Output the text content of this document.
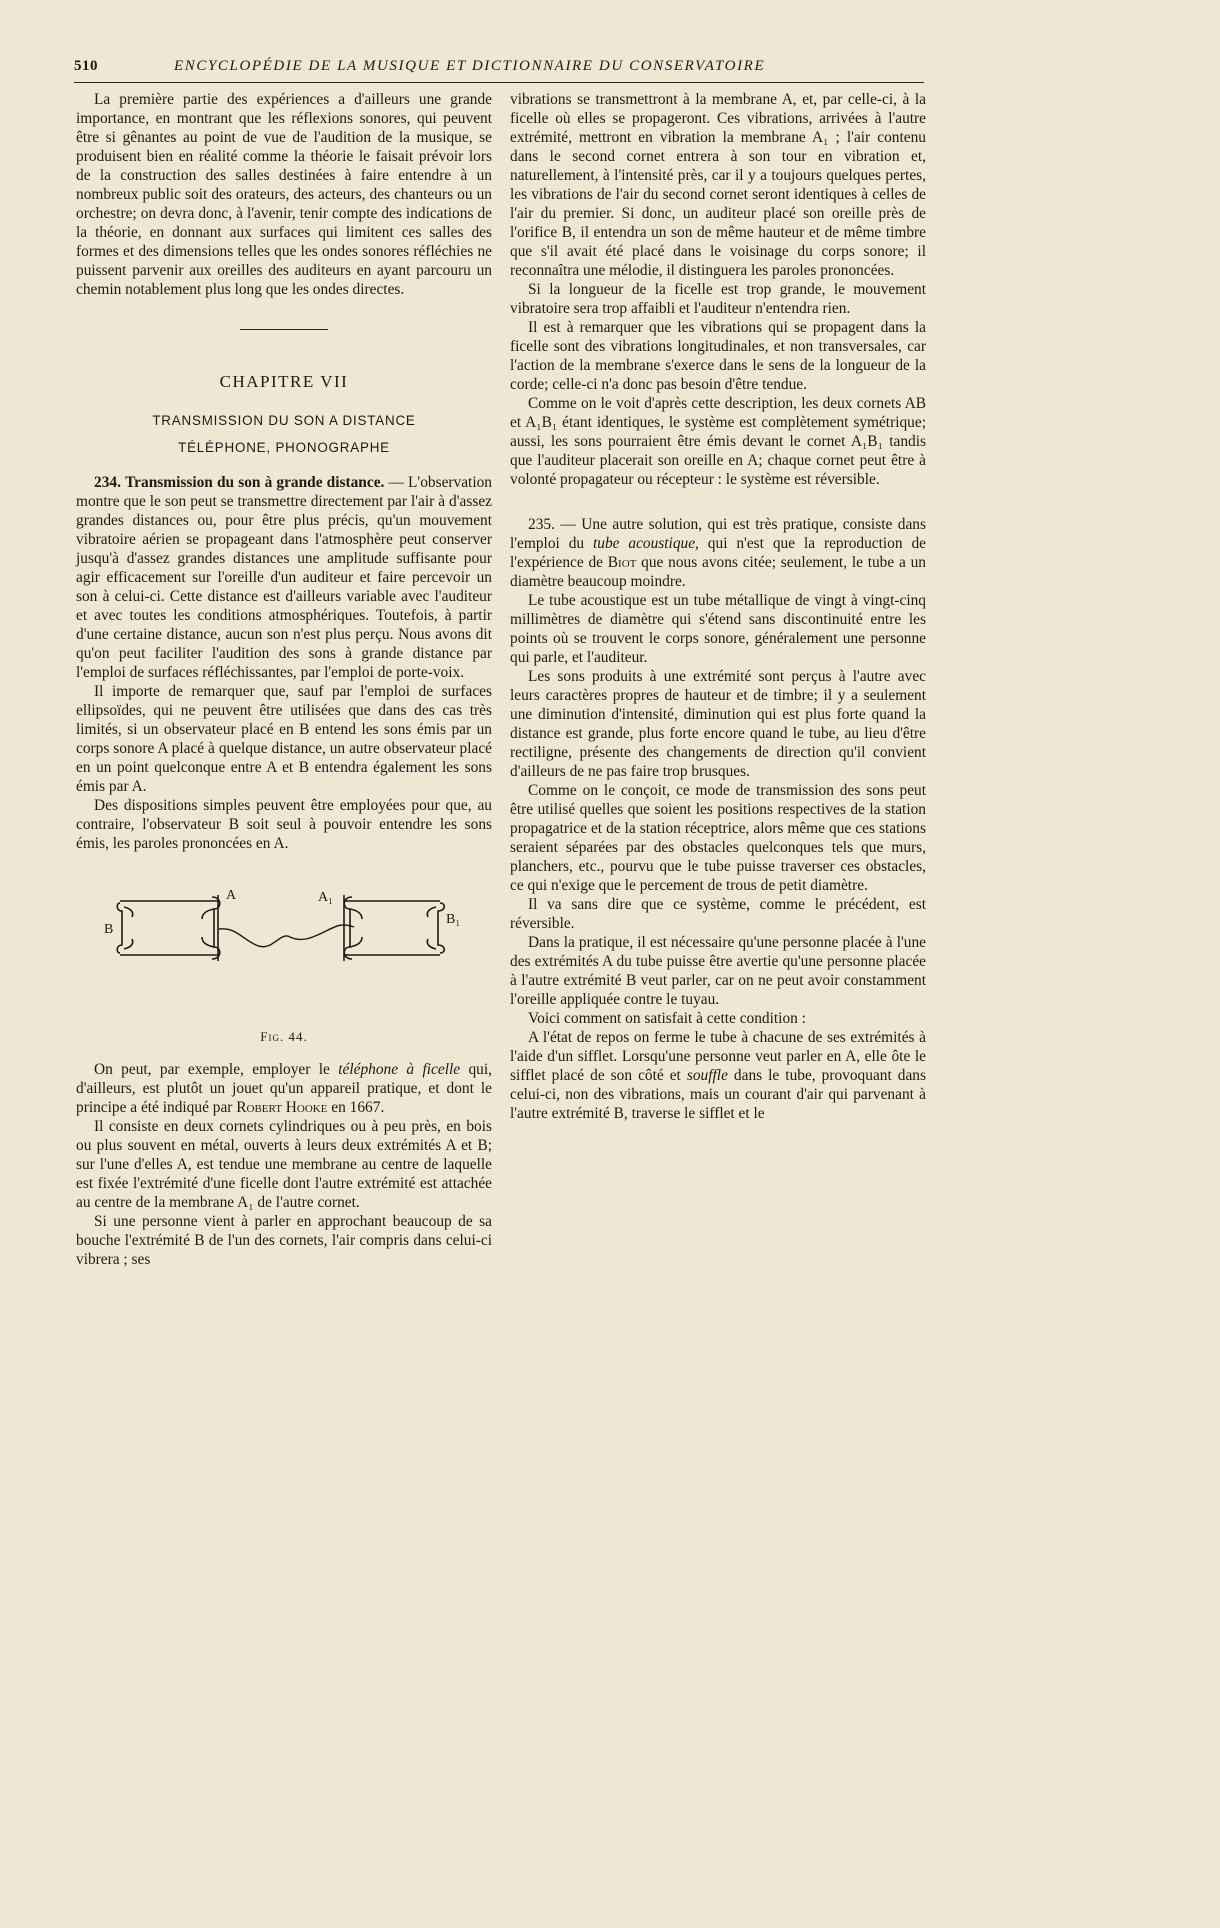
510	ENCYCLOPÉDIE DE LA MUSIQUE ET DICTIONNAIRE DU CONSERVATOIRE

La première partie des expériences a d'ailleurs une grande importance, en montrant que les réflexions sonores, qui peuvent être si gênantes au point de vue de l'audition de la musique, se produisent bien en réalité comme la théorie le faisait prévoir lors de la construction des salles destinées à faire entendre à un nombreux public soit des orateurs, des acteurs, des chanteurs ou un orchestre; on devra donc, à l'avenir, tenir compte des indications de la théorie, en donnant aux surfaces qui limitent ces salles des formes et des dimensions telles que les ondes sonores réfléchies ne puissent parvenir aux oreilles des auditeurs en ayant parcouru un chemin notablement plus long que les ondes directes.

CHAPITRE VII
TRANSMISSION DU SON A DISTANCE
TÉLÉPHONE, PHONOGRAPHE

234. Transmission du son à grande distance. — L'observation montre que le son peut se transmettre directement par l'air à d'assez grandes distances ou, pour être plus précis, qu'un mouvement vibratoire aérien se propageant dans l'atmosphère peut conserver jusqu'à d'assez grandes distances une amplitude suffisante pour agir efficacement sur l'oreille d'un auditeur et faire percevoir un son à celui-ci. Cette distance est d'ailleurs variable avec l'auditeur et avec toutes les conditions atmosphériques. Toutefois, à partir d'une certaine distance, aucun son n'est plus perçu. Nous avons dit qu'on peut faciliter l'audition des sons à grande distance par l'emploi de surfaces réfléchissantes, par l'emploi de porte-voix.

Il importe de remarquer que, sauf par l'emploi de surfaces ellipsoïdes, qui ne peuvent être utilisées que dans des cas très limités, si un observateur placé en B entend les sons émis par un corps sonore A placé à quelque distance, un autre observateur placé en un point quelconque entre A et B entendra également les sons émis par A.

Des dispositions simples peuvent être employées pour que, au contraire, l'observateur B soit seul à pouvoir entendre les sons émis, les paroles prononcées en A.

B
A	A₁
B₁
Fig. 44.

On peut, par exemple, employer le téléphone à ficelle qui, d'ailleurs, est plutôt un jouet qu'un appareil pratique, et dont le principe a été indiqué par Robert Hooke en 1667.

Il consiste en deux cornets cylindriques ou à peu près, en bois ou plus souvent en métal, ouverts à leurs deux extrémités A et B; sur l'une d'elles A, est tendue une membrane au centre de laquelle est fixée l'extrémité d'une ficelle dont l'autre extrémité est attachée au centre de la membrane A₁ de l'autre cornet.

Si une personne vient à parler en approchant beaucoup de sa bouche l'extrémité B de l'un des cornets, l'air compris dans celui-ci vibrera ; ses

vibrations se transmettront à la membrane A, et, par celle-ci, à la ficelle où elles se propageront. Ces vibrations, arrivées à l'autre extrémité, mettront en vibration la membrane A₁ ; l'air contenu dans le second cornet entrera à son tour en vibration et, naturellement, à l'intensité près, car il y a toujours quelques pertes, les vibrations de l'air du second cornet seront identiques à celles de l'air du premier. Si donc, un auditeur placé son oreille près de l'orifice B, il entendra un son de même hauteur et de même timbre que s'il avait été placé dans le voisinage du corps sonore; il reconnaîtra une mélodie, il distinguera les paroles prononcées.

Si la longueur de la ficelle est trop grande, le mouvement vibratoire sera trop affaibli et l'auditeur n'entendra rien.

Il est à remarquer que les vibrations qui se propagent dans la ficelle sont des vibrations longitudinales, et non transversales, car l'action de la membrane s'exerce dans le sens de la longueur de la corde; celle-ci n'a donc pas besoin d'être tendue.

Comme on le voit d'après cette description, les deux cornets AB et A₁B₁ étant identiques, le système est complètement symétrique; aussi, les sons pourraient être émis devant le cornet A₁B₁ tandis que l'auditeur placerait son oreille en A; chaque cornet peut être à volonté propagateur ou récepteur : le système est réversible.

235. — Une autre solution, qui est très pratique, consiste dans l'emploi du tube acoustique, qui n'est que la reproduction de l'expérience de Biot que nous avons citée; seulement, le tube a un diamètre beaucoup moindre.

Le tube acoustique est un tube métallique de vingt à vingt-cinq millimètres de diamètre qui s'étend sans discontinuité entre les points où se trouvent le corps sonore, généralement une personne qui parle, et l'auditeur.

Les sons produits à une extrémité sont perçus à l'autre avec leurs caractères propres de hauteur et de timbre; il y a seulement une diminution d'intensité, diminution qui est plus forte quand la distance est grande, plus forte encore quand le tube, au lieu d'être rectiligne, présente des changements de direction qu'il convient d'ailleurs de ne pas faire trop brusques.

Comme on le conçoit, ce mode de transmission des sons peut être utilisé quelles que soient les positions respectives de la station propagatrice et de la station réceptrice, alors même que ces stations seraient séparées par des obstacles quelconques tels que murs, planchers, etc., pourvu que le tube puisse traverser ces obstacles, ce qui n'exige que le percement de trous de petit diamètre.

Il va sans dire que ce système, comme le précédent, est réversible.

Dans la pratique, il est nécessaire qu'une personne placée à l'une des extrémités A du tube puisse être avertie qu'une personne placée à l'autre extrémité B veut parler, car on ne peut avoir constamment l'oreille appliquée contre le tuyau.

Voici comment on satisfait à cette condition :

A l'état de repos on ferme le tube à chacune de ses extrémités à l'aide d'un sifflet. Lorsqu'une personne veut parler en A, elle ôte le sifflet placé de son côté et souffle dans le tube, provoquant dans celui-ci, non des vibrations, mais un courant d'air qui parvenant à l'autre extrémité B, traverse le sifflet et le
